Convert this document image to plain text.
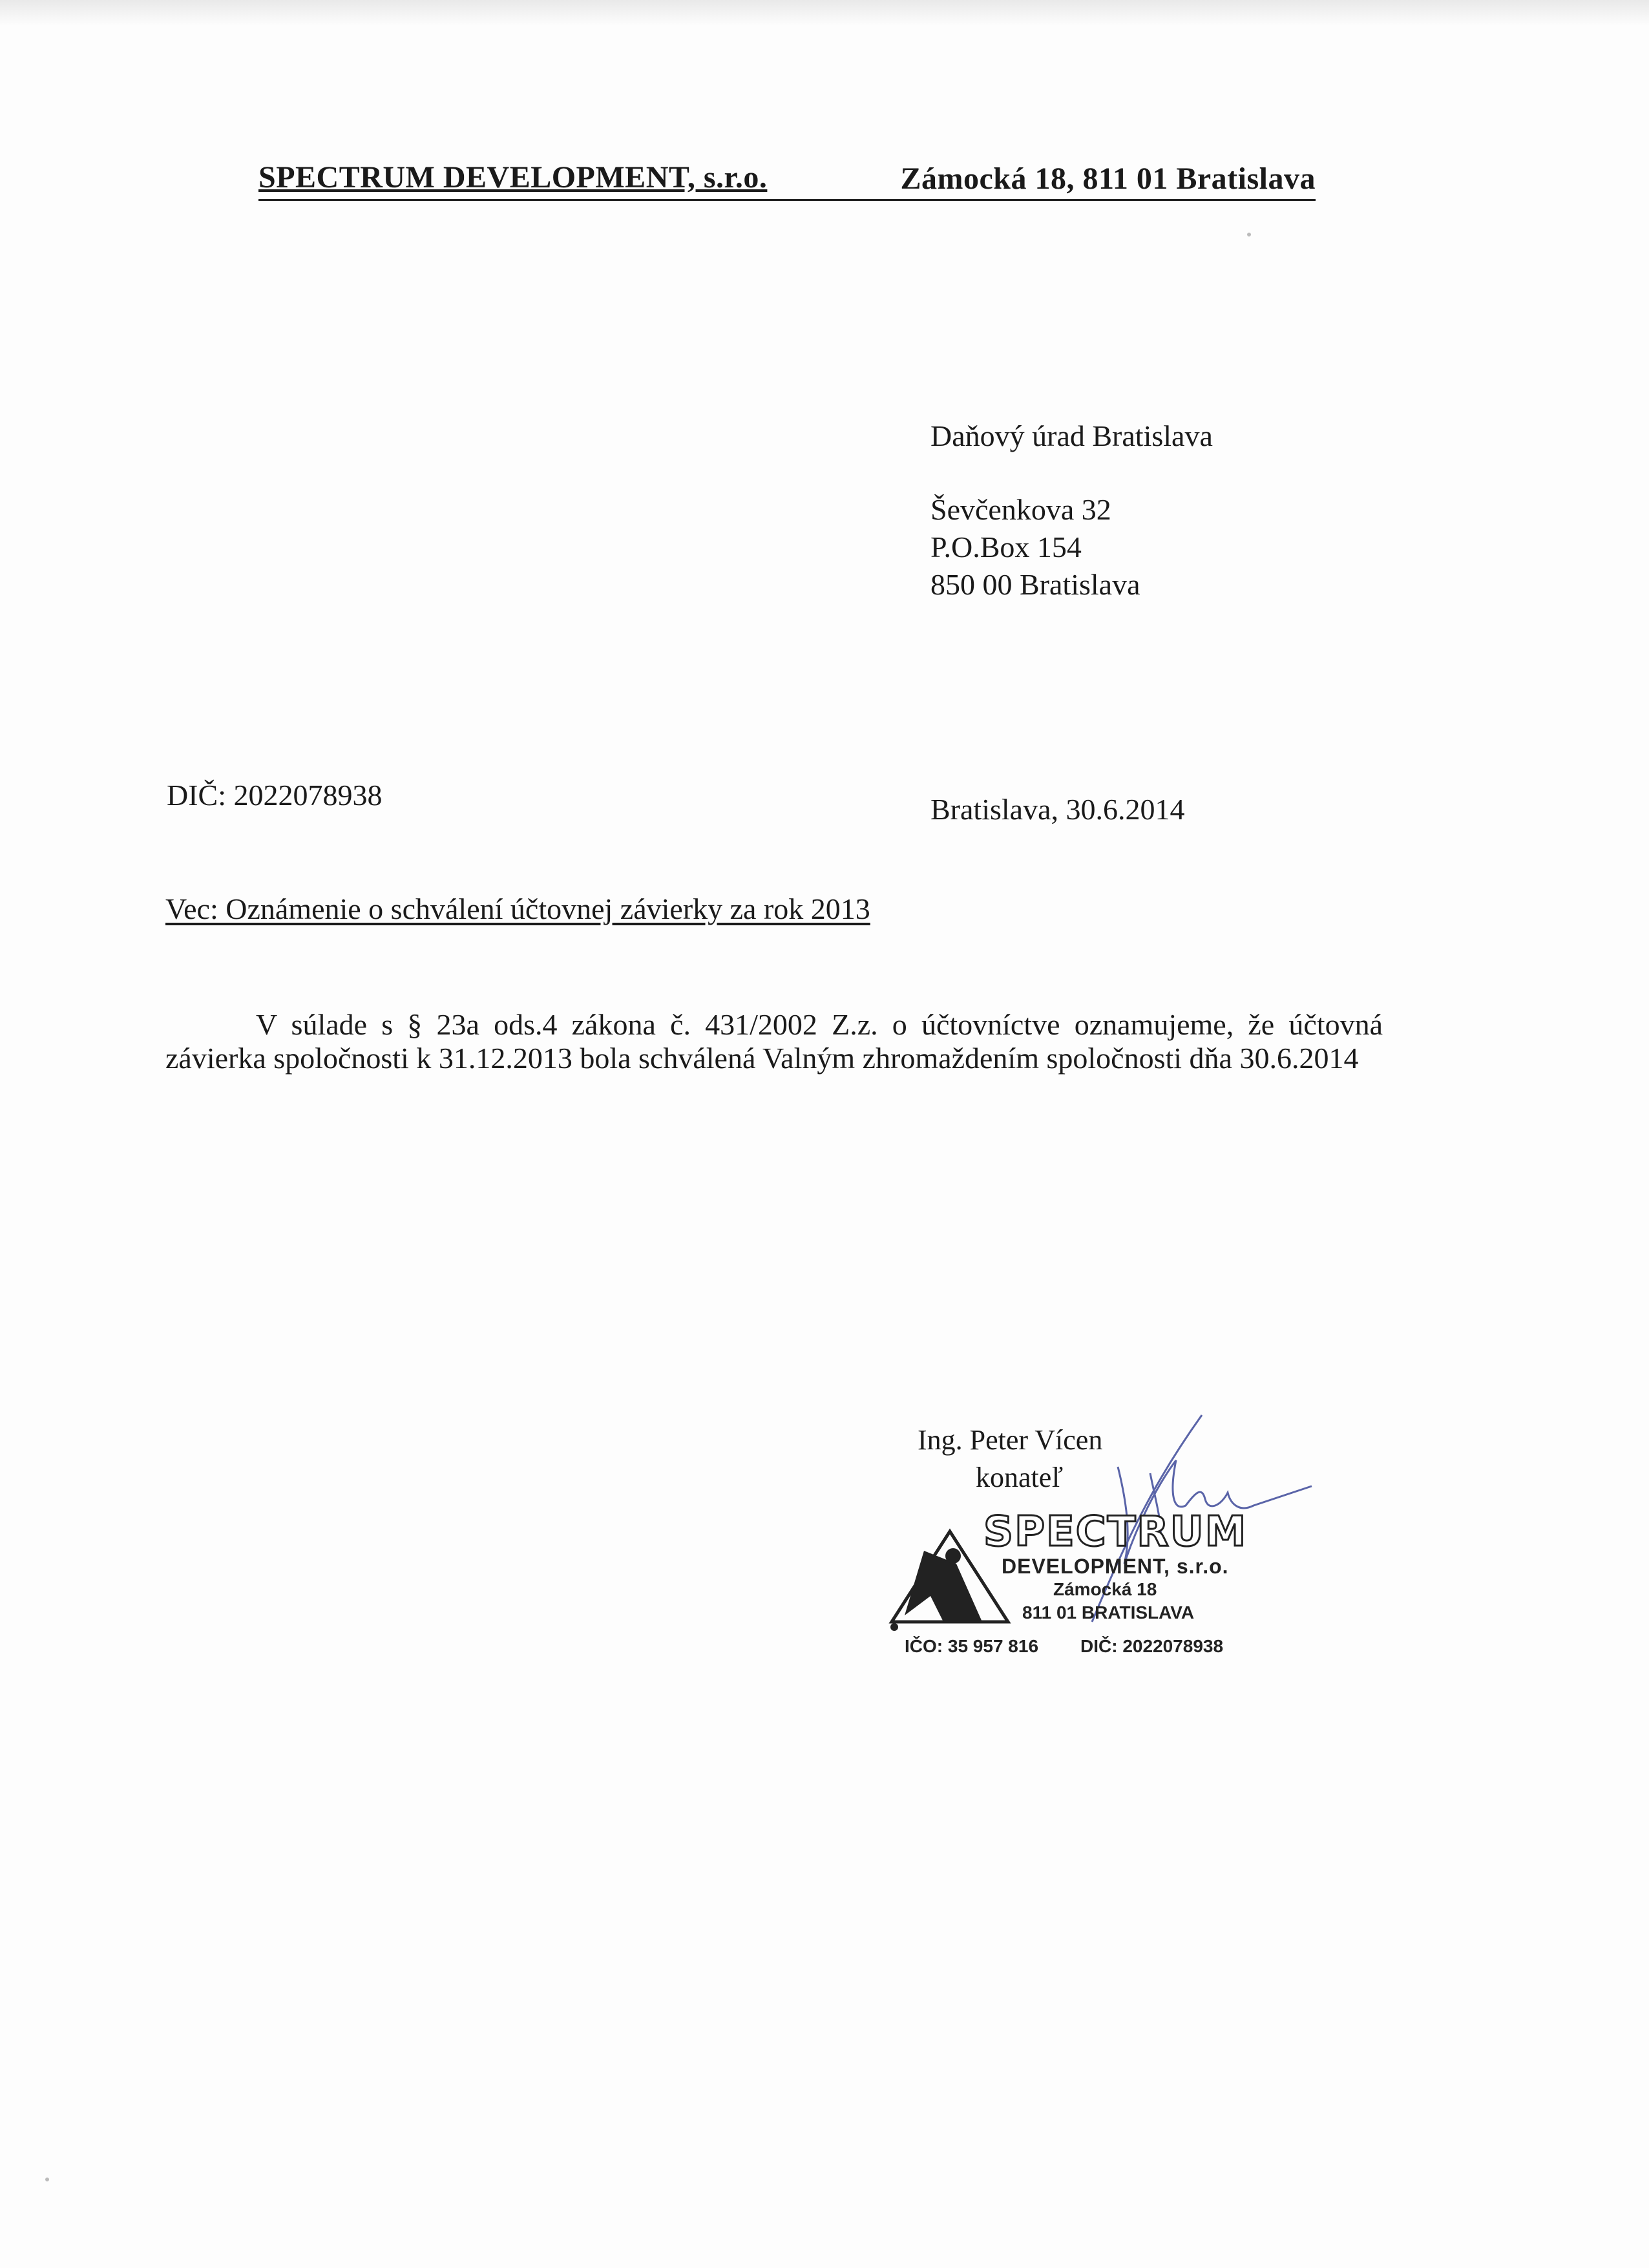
SPECTRUM DEVELOPMENT, s.r.o.	Zámocká 18, 811 01 Bratislava
Daňový úrad Bratislava
Ševčenkova 32
P.O.Box 154
850 00 Bratislava
DIČ: 2022078938	Bratislava, 30.6.2014
Vec: Oznámenie o schválení účtovnej závierky za rok 2013

V súlade s § 23a ods.4 zákona č. 431/2002 Z.z. o účtovníctve oznamujeme, že účtovná závierka spoločnosti k 31.12.2013 bola schválená Valným zhromaždením spoločnosti dňa 30.6.2014

Ing. Peter Vícen
konateľ
SPECTRUM
DEVELOPMENT, s.r.o.
Zámocká 18
811 01 BRATISLAVA
IČO: 35 957 816 DIČ: 2022078938
